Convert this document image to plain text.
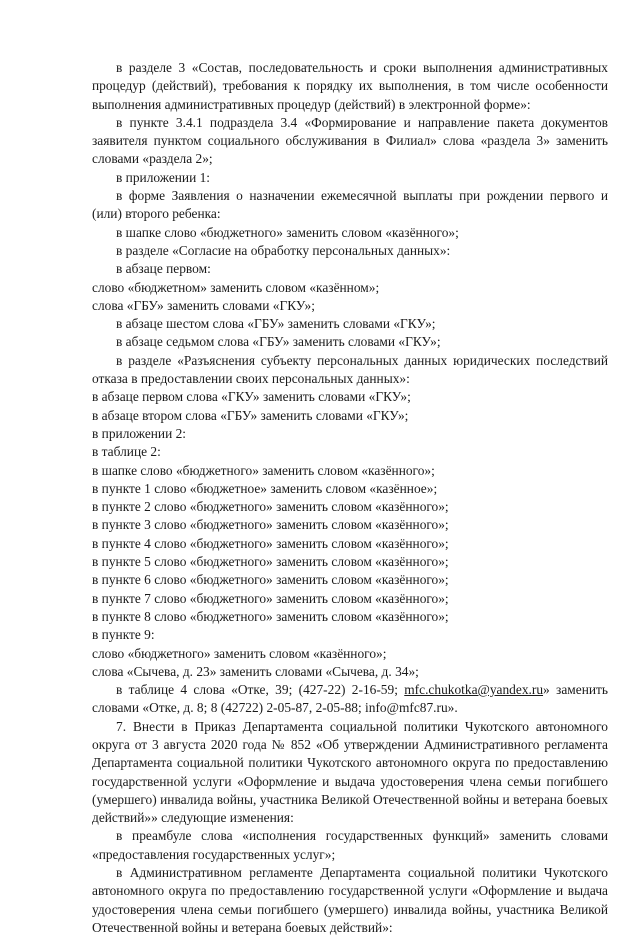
в разделе 3 «Состав, последовательность и сроки выполнения административных процедур (действий), требования к порядку их выполнения, в том числе особенности выполнения административных процедур (действий) в электронной форме»:

в пункте 3.4.1 подраздела 3.4 «Формирование и направление пакета документов заявителя пунктом социального обслуживания в Филиал» слова «раздела 3» заменить словами «раздела 2»;

в приложении 1:

в форме Заявления о назначении ежемесячной выплаты при рождении первого и (или) второго ребенка:

в шапке слово «бюджетного» заменить словом «казённого»;

в разделе «Согласие на обработку персональных данных»:

в абзаце первом:

слово «бюджетном» заменить словом «казённом»;

слова «ГБУ» заменить словами «ГКУ»;

в абзаце шестом слова «ГБУ» заменить словами «ГКУ»;

в абзаце седьмом слова «ГБУ» заменить словами «ГКУ»;

в разделе «Разъяснения субъекту персональных данных юридических последствий отказа в предоставлении своих персональных данных»:

в абзаце первом слова «ГКУ» заменить словами «ГКУ»;

в абзаце втором слова «ГБУ» заменить словами «ГКУ»;

в приложении 2:

в таблице 2:

в шапке слово «бюджетного» заменить словом «казённого»;

в пункте 1 слово «бюджетное» заменить словом «казённое»;

в пункте 2 слово «бюджетного» заменить словом «казённого»;

в пункте 3 слово «бюджетного» заменить словом «казённого»;

в пункте 4 слово «бюджетного» заменить словом «казённого»;

в пункте 5 слово «бюджетного» заменить словом «казённого»;

в пункте 6 слово «бюджетного» заменить словом «казённого»;

в пункте 7 слово «бюджетного» заменить словом «казённого»;

в пункте 8 слово «бюджетного» заменить словом «казённого»;

в пункте 9:

слово «бюджетного» заменить словом «казённого»;

слова «Сычева, д. 23» заменить словами «Сычева, д. 34»;

в таблице 4 слова «Отке, 39; (427-22) 2-16-59; mfc.chukotka@yandex.ru» заменить словами «Отке, д. 8; 8 (42722) 2-05-87, 2-05-88; info@mfc87.ru».

7. Внести в Приказ Департамента социальной политики Чукотского автономного округа от 3 августа 2020 года № 852 «Об утверждении Административного регламента Департамента социальной политики Чукотского автономного округа по предоставлению государственной услуги «Оформление и выдача удостоверения члена семьи погибшего (умершего) инвалида войны, участника Великой Отечественной войны и ветерана боевых действий»» следующие изменения:

в преамбуле слова «исполнения государственных функций» заменить словами «предоставления государственных услуг»;

в Административном регламенте Департамента социальной политики Чукотского автономного округа по предоставлению государственной услуги «Оформление и выдача удостоверения члена семьи погибшего (умершего) инвалида войны, участника Великой Отечественной войны и ветерана боевых действий»:
